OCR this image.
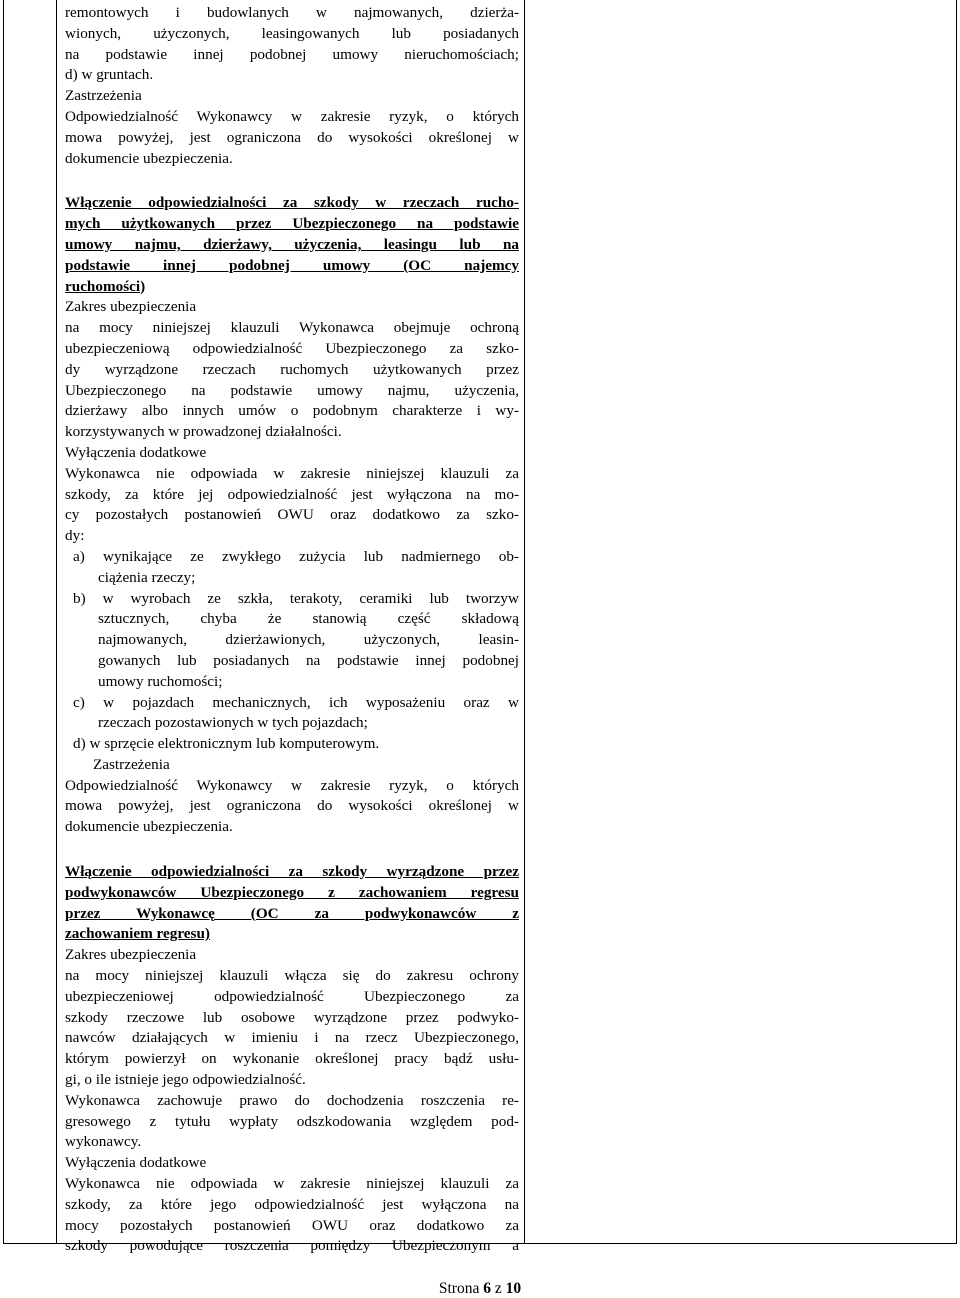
remontowych i budowlanych w najmowanych, dzierża-
wionych, użyczonych, leasingowanych lub posiadanych
na podstawie innej podobnej umowy nieruchomościach;
d) w gruntach.
Zastrzeżenia
Odpowiedzialność Wykonawcy w zakresie ryzyk, o których
mowa powyżej, jest ograniczona do wysokości określonej w
dokumencie ubezpieczenia.
Włączenie odpowiedzialności za szkody w rzeczach rucho-
mych użytkowanych przez Ubezpieczonego na podstawie
umowy najmu, dzierżawy, użyczenia, leasingu lub na
podstawie innej podobnej umowy (OC najemcy
ruchomości)
Zakres ubezpieczenia
na mocy niniejszej klauzuli Wykonawca obejmuje ochroną
ubezpieczeniową odpowiedzialność Ubezpieczonego za szko-
dy wyrządzone rzeczach ruchomych użytkowanych przez
Ubezpieczonego na podstawie umowy najmu, użyczenia,
dzierżawy albo innych umów o podobnym charakterze i wy-
korzystywanych w prowadzonej działalności.
Wyłączenia dodatkowe
Wykonawca nie odpowiada w zakresie niniejszej klauzuli za
szkody, za które jej odpowiedzialność jest wyłączona na mo-
cy pozostałych postanowień OWU oraz dodatkowo za szko-
dy:
a) wynikające ze zwykłego zużycia lub nadmiernego ob-
ciążenia rzeczy;
b) w wyrobach ze szkła, terakoty, ceramiki lub tworzyw
sztucznych, chyba że stanowią część składową
najmowanych, dzierżawionych, użyczonych, leasin-
gowanych lub posiadanych na podstawie innej podobnej
umowy ruchomości;
c) w pojazdach mechanicznych, ich wyposażeniu oraz w
rzeczach pozostawionych w tych pojazdach;
d) w sprzęcie elektronicznym lub komputerowym.
Zastrzeżenia
Odpowiedzialność Wykonawcy w zakresie ryzyk, o których
mowa powyżej, jest ograniczona do wysokości określonej w
dokumencie ubezpieczenia.
Włączenie odpowiedzialności za szkody wyrządzone przez
podwykonawców Ubezpieczonego z zachowaniem regresu
przez Wykonawcę (OC za podwykonawców z
zachowaniem regresu)
Zakres ubezpieczenia
na mocy niniejszej klauzuli włącza się do zakresu ochrony
ubezpieczeniowej odpowiedzialność Ubezpieczonego za
szkody rzeczowe lub osobowe wyrządzone przez podwyko-
nawców działających w imieniu i na rzecz Ubezpieczonego,
którym powierzył on wykonanie określonej pracy bądź usłu-
gi, o ile istnieje jego odpowiedzialność.
Wykonawca zachowuje prawo do dochodzenia roszczenia re-
gresowego z tytułu wypłaty odszkodowania względem pod-
wykonawcy.
Wyłączenia dodatkowe
Wykonawca nie odpowiada w zakresie niniejszej klauzuli za
szkody, za które jego odpowiedzialność jest wyłączona na
mocy pozostałych postanowień OWU oraz dodatkowo za
szkody powodujące roszczenia pomiędzy Ubezpieczonym a
Strona 6 z 10
